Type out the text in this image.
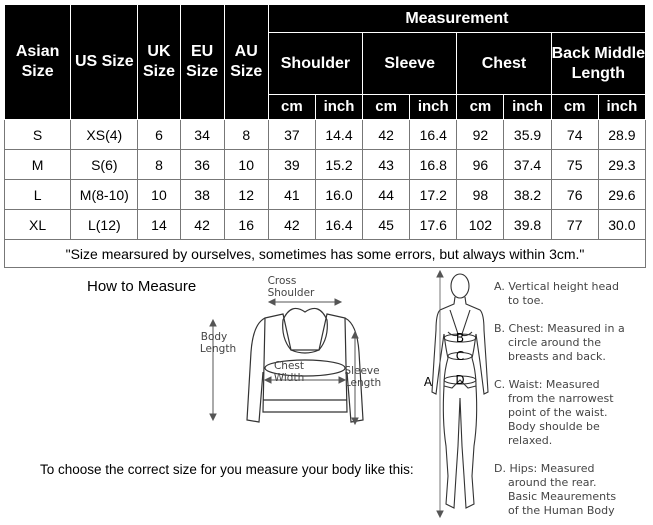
Asian Size	US Size	UK Size	EU Size	AU Size	Measurement							
					Shoulder		Sleeve		Chest		Back Middle Length	
					cm	inch	cm	inch	cm	inch	cm	inch
S	XS(4)	6	34	8	37	14.4	42	16.4	92	35.9	74	28.9
M	S(6)	8	36	10	39	15.2	43	16.8	96	37.4	75	29.3
L	M(8-10)	10	38	12	41	16.0	44	17.2	98	38.2	76	29.6
XL	L(12)	14	42	16	42	16.4	45	17.6	102	39.8	77	30.0
"Size mearsured by ourselves, sometimes has some errors, but always within 3cm."												
How to Measure	Cross
Shoulder
Body
Length
Chest
Width
Sleeve
Length
To choose the correct size for you measure your body like this:
A
B
C
D
A. Vertical height head
to toe.
B. Chest: Measured in a
circle around the
breasts and back.
C. Waist: Measured
from the narrowest
point of the waist.
Body shoulde be
relaxed.
D. Hips: Measured
around the rear.
Basic Meaurements
of the Human Body
